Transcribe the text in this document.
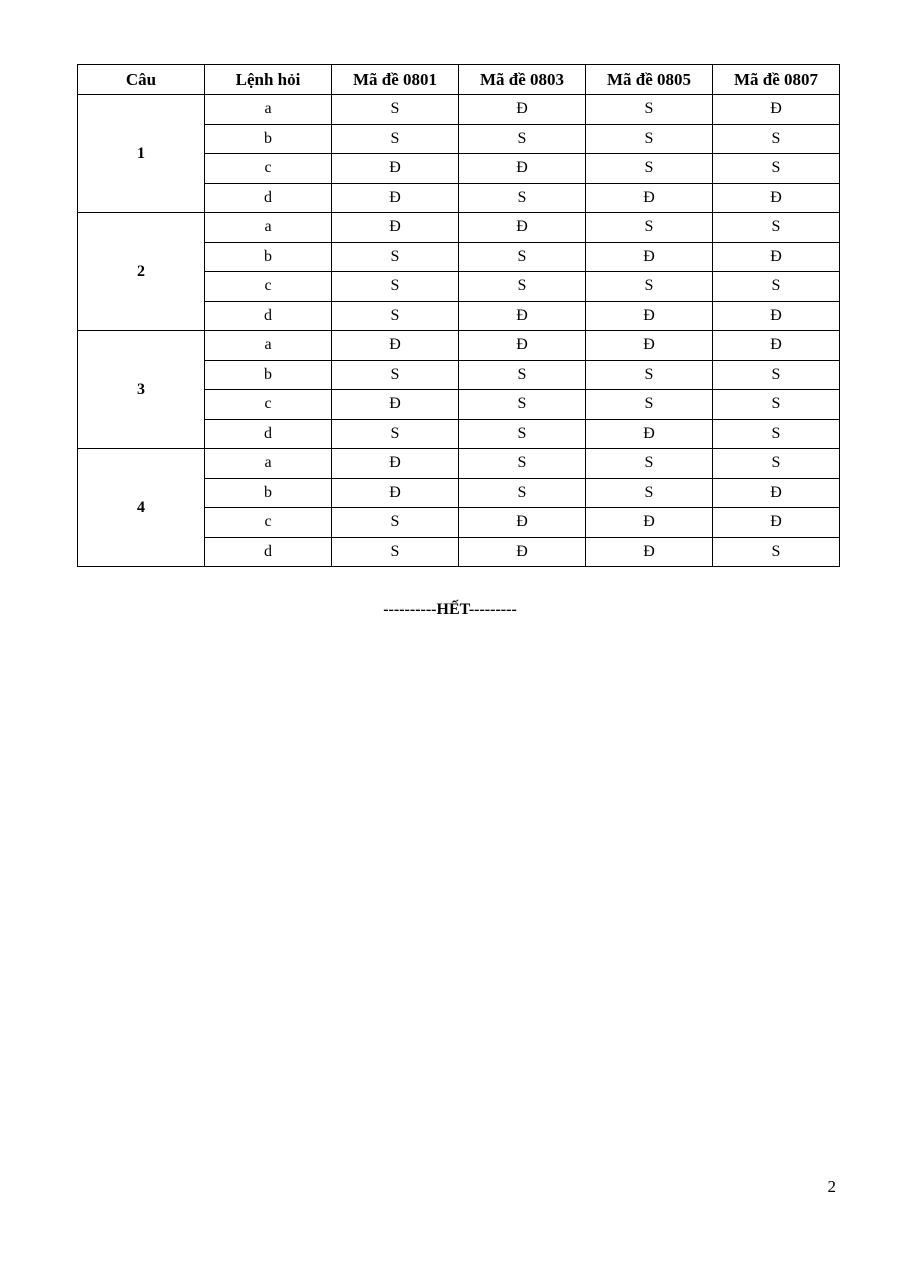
Câu	Lệnh hỏi	Mã đề 0801	Mã đề 0803	Mã đề 0805	Mã đề 0807
1	a	S	Đ	S	Đ
	b	S	S	S	S
	c	Đ	Đ	S	S
	d	Đ	S	Đ	Đ
2	a	Đ	Đ	S	S
	b	S	S	Đ	Đ
	c	S	S	S	S
	d	S	Đ	Đ	Đ
3	a	Đ	Đ	Đ	Đ
	b	S	S	S	S
	c	Đ	S	S	S
	d	S	S	Đ	S
4	a	Đ	S	S	S
	b	Đ	S	S	Đ
	c	S	Đ	Đ	Đ
	d	S	Đ	Đ	S
----------HẾT---------
2
